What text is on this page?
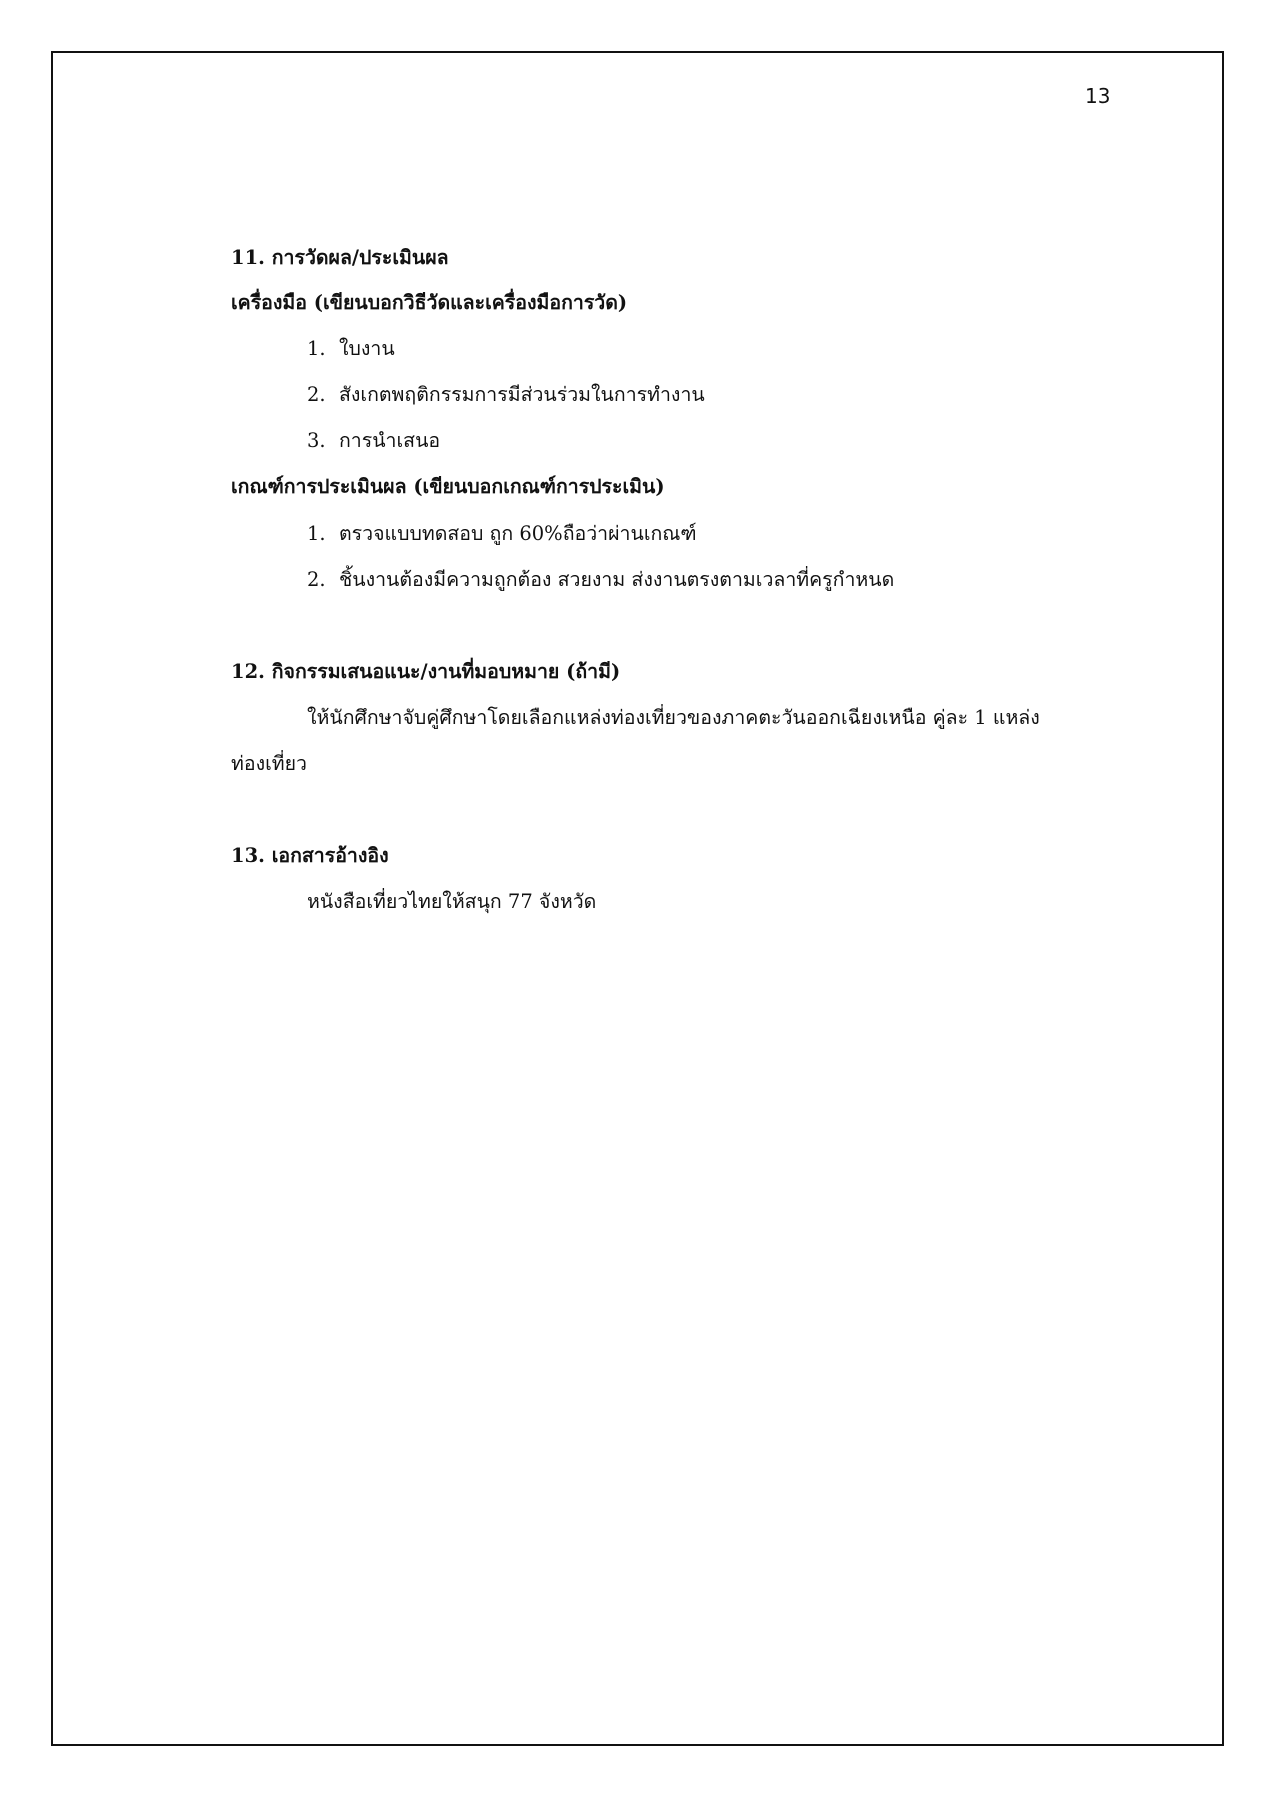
13
11. การวัดผล/ประเมินผล
เครื่องมือ (เขียนบอกวิธีวัดและเครื่องมือการวัด)
1. ใบงาน
2. สังเกตพฤติกรรมการมีส่วนร่วมในการทำงาน
3. การนำเสนอ
เกณฑ์การประเมินผล (เขียนบอกเกณฑ์การประเมิน)
1. ตรวจแบบทดสอบ ถูก 60%ถือว่าผ่านเกณฑ์
2. ชิ้นงานต้องมีความถูกต้อง สวยงาม ส่งงานตรงตามเวลาที่ครูกำหนด
12. กิจกรรมเสนอแนะ/งานที่มอบหมาย (ถ้ามี)
ให้นักศึกษาจับคู่ศึกษาโดยเลือกแหล่งท่องเที่ยวของภาคตะวันออกเฉียงเหนือ คู่ละ 1 แหล่ง
ท่องเที่ยว
13. เอกสารอ้างอิง
หนังสือเที่ยวไทยให้สนุก 77 จังหวัด
